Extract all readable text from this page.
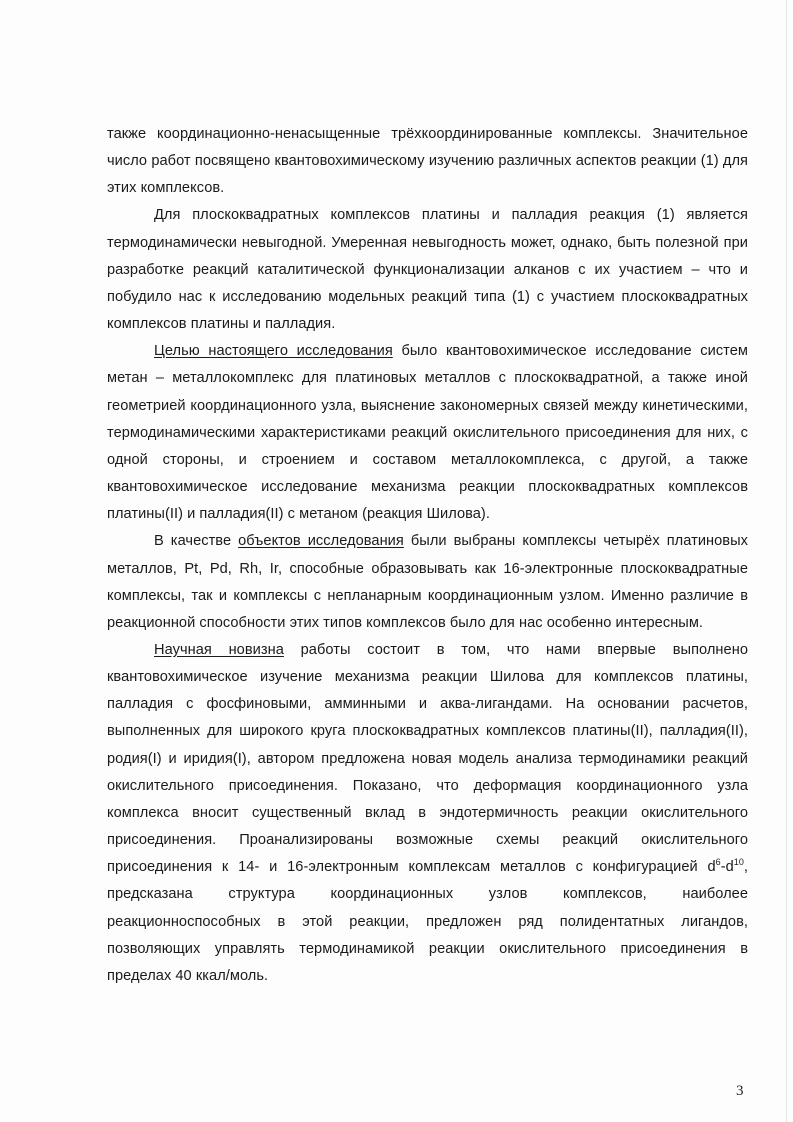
также координационно-ненасыщенные трёхкоординированные комплексы. Значительное число работ посвящено квантовохимическому изучению различных аспектов реакции (1) для этих комплексов.

Для плоскоквадратных комплексов платины и палладия реакция (1) является термодинамически невыгодной. Умеренная невыгодность может, однако, быть полезной при разработке реакций каталитической функционализации алканов с их участием – что и побудило нас к исследованию модельных реакций типа (1) с участием плоскоквадратных комплексов платины и палладия.

Целью настоящего исследования было квантовохимическое исследование систем метан – металлокомплекс для платиновых металлов с плоскоквадратной, а также иной геометрией координационного узла, выяснение закономерных связей между кинетическими, термодинамическими характеристиками реакций окислительного присоединения для них, с одной стороны, и строением и составом металлокомплекса, с другой, а также квантовохимическое исследование механизма реакции плоскоквадратных комплексов платины(II) и палладия(II) с метаном (реакция Шилова).

В качестве объектов исследования были выбраны комплексы четырёх платиновых металлов, Pt, Pd, Rh, Ir, способные образовывать как 16-электронные плоскоквадратные комплексы, так и комплексы с непланарным координационным узлом. Именно различие в реакционной способности этих типов комплексов было для нас особенно интересным.

Научная новизна работы состоит в том, что нами впервые выполнено квантовохимическое изучение механизма реакции Шилова для комплексов платины, палладия с фосфиновыми, амминными и аква-лигандами. На основании расчетов, выполненных для широкого круга плоскоквадратных комплексов платины(II), палладия(II), родия(I) и иридия(I), автором предложена новая модель анализа термодинамики реакций окислительного присоединения. Показано, что деформация координационного узла комплекса вносит существенный вклад в эндотермичность реакции окислительного присоединения. Проанализированы возможные схемы реакций окислительного присоединения к 14- и 16-электронным комплексам металлов с конфигурацией $d^6-d^{10}$, предсказана структура координационных узлов комплексов, наиболее реакционноспособных в этой реакции, предложен ряд полидентатных лигандов, позволяющих управлять термодинамикой реакции окислительного присоединения в пределах 40 ккал/моль.

3
